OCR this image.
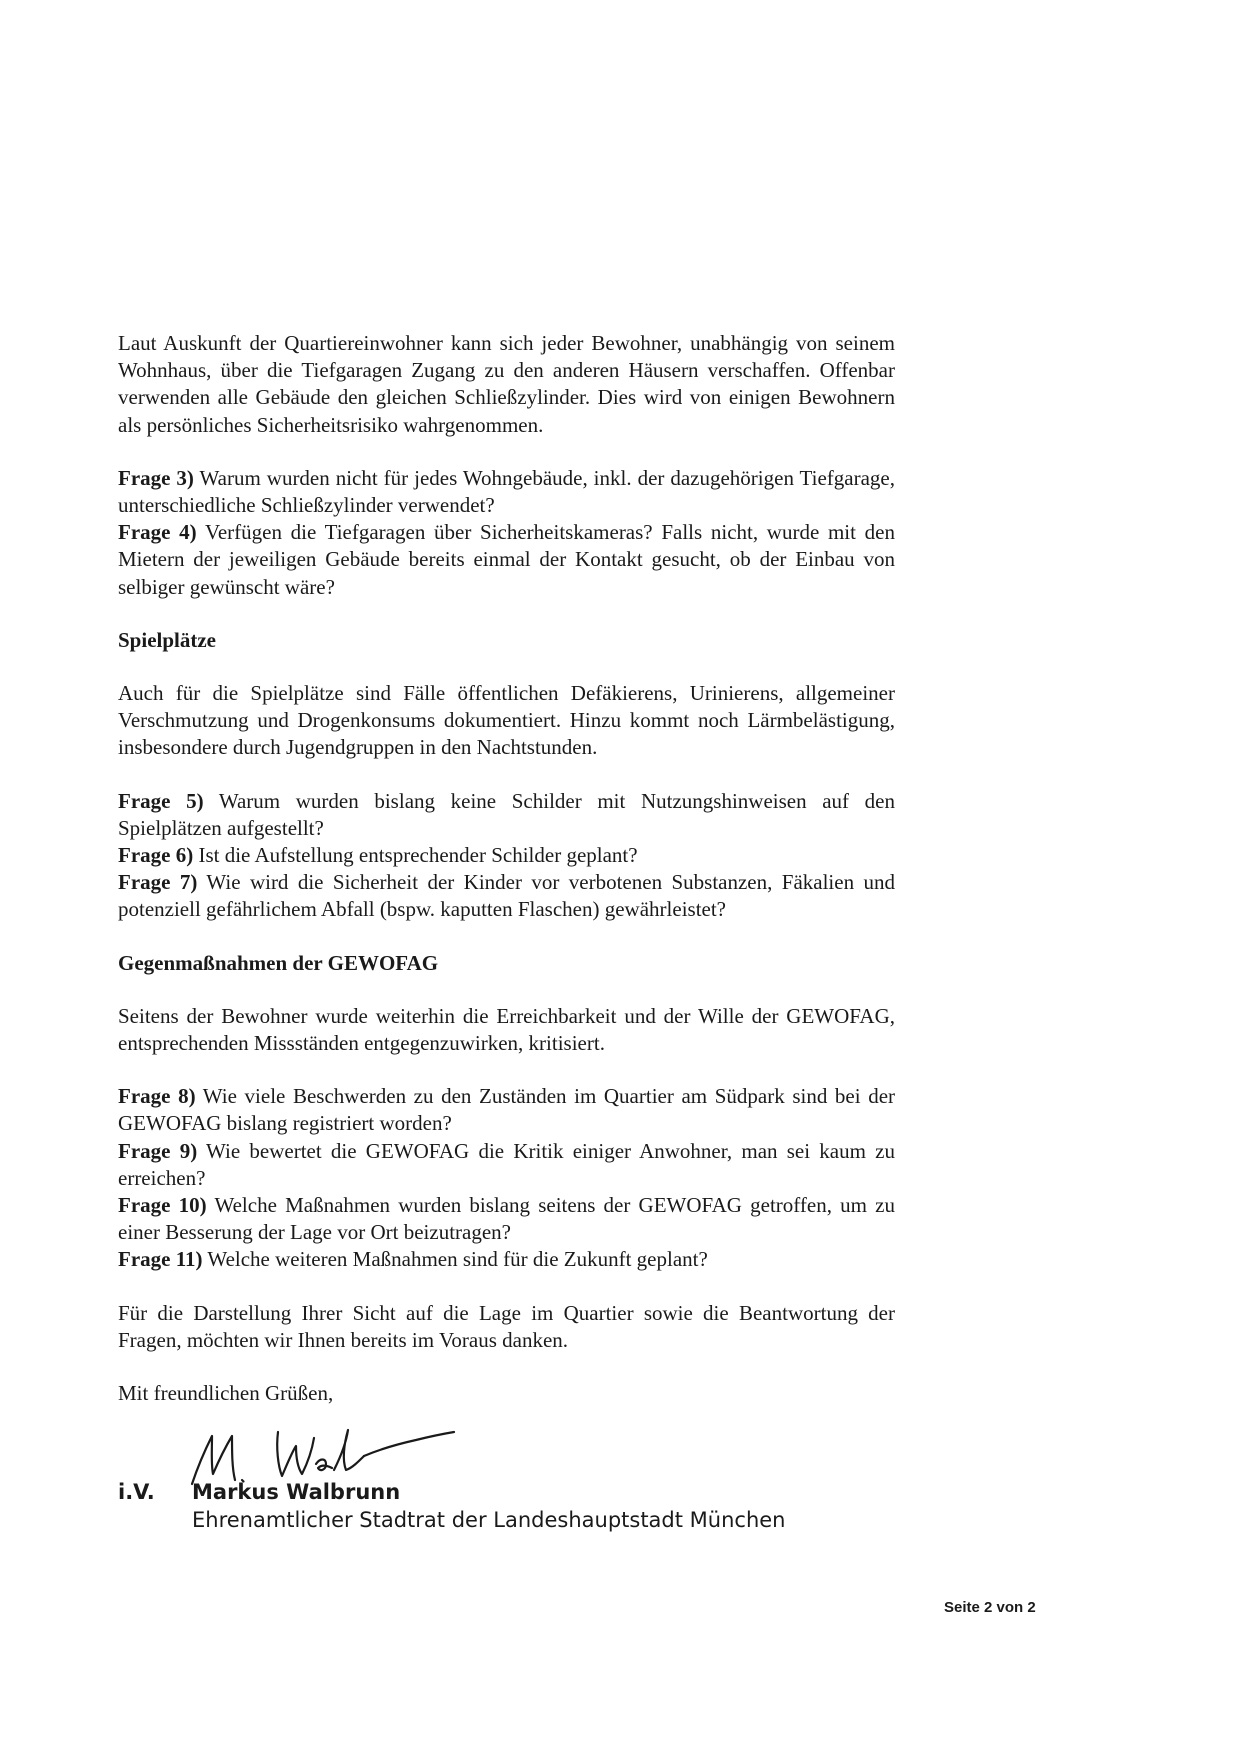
Laut Auskunft der Quartiereinwohner kann sich jeder Bewohner, unabhängig von seinem Wohnhaus, über die Tiefgaragen Zugang zu den anderen Häusern verschaffen. Offenbar verwenden alle Gebäude den gleichen Schließzylinder. Dies wird von einigen Bewohnern als persönliches Sicherheitsrisiko wahrgenommen.

Frage 3) Warum wurden nicht für jedes Wohngebäude, inkl. der dazugehörigen Tiefgarage, unterschiedliche Schließzylinder verwendet?

Frage 4) Verfügen die Tiefgaragen über Sicherheitskameras? Falls nicht, wurde mit den Mietern der jeweiligen Gebäude bereits einmal der Kontakt gesucht, ob der Einbau von selbiger gewünscht wäre?

Spielplätze

Auch für die Spielplätze sind Fälle öffentlichen Defäkierens, Urinierens, allgemeiner Verschmutzung und Drogenkonsums dokumentiert. Hinzu kommt noch Lärmbelästigung, insbesondere durch Jugendgruppen in den Nachtstunden.

Frage 5) Warum wurden bislang keine Schilder mit Nutzungshinweisen auf den Spielplätzen aufgestellt?

Frage 6) Ist die Aufstellung entsprechender Schilder geplant?

Frage 7) Wie wird die Sicherheit der Kinder vor verbotenen Substanzen, Fäkalien und potenziell gefährlichem Abfall (bspw. kaputten Flaschen) gewährleistet?

Gegenmaßnahmen der GEWOFAG

Seitens der Bewohner wurde weiterhin die Erreichbarkeit und der Wille der GEWOFAG, entsprechenden Missständen entgegenzuwirken, kritisiert.

Frage 8) Wie viele Beschwerden zu den Zuständen im Quartier am Südpark sind bei der GEWOFAG bislang registriert worden?

Frage 9) Wie bewertet die GEWOFAG die Kritik einiger Anwohner, man sei kaum zu erreichen?

Frage 10) Welche Maßnahmen wurden bislang seitens der GEWOFAG getroffen, um zu einer Besserung der Lage vor Ort beizutragen?

Frage 11) Welche weiteren Maßnahmen sind für die Zukunft geplant?

Für die Darstellung Ihrer Sicht auf die Lage im Quartier sowie die Beantwortung der Fragen, möchten wir Ihnen bereits im Voraus danken.

Mit freundlichen Grüßen,

i.V. Markus Walbrunn
Ehrenamtlicher Stadtrat der Landeshauptstadt München
Seite 2 von 2
